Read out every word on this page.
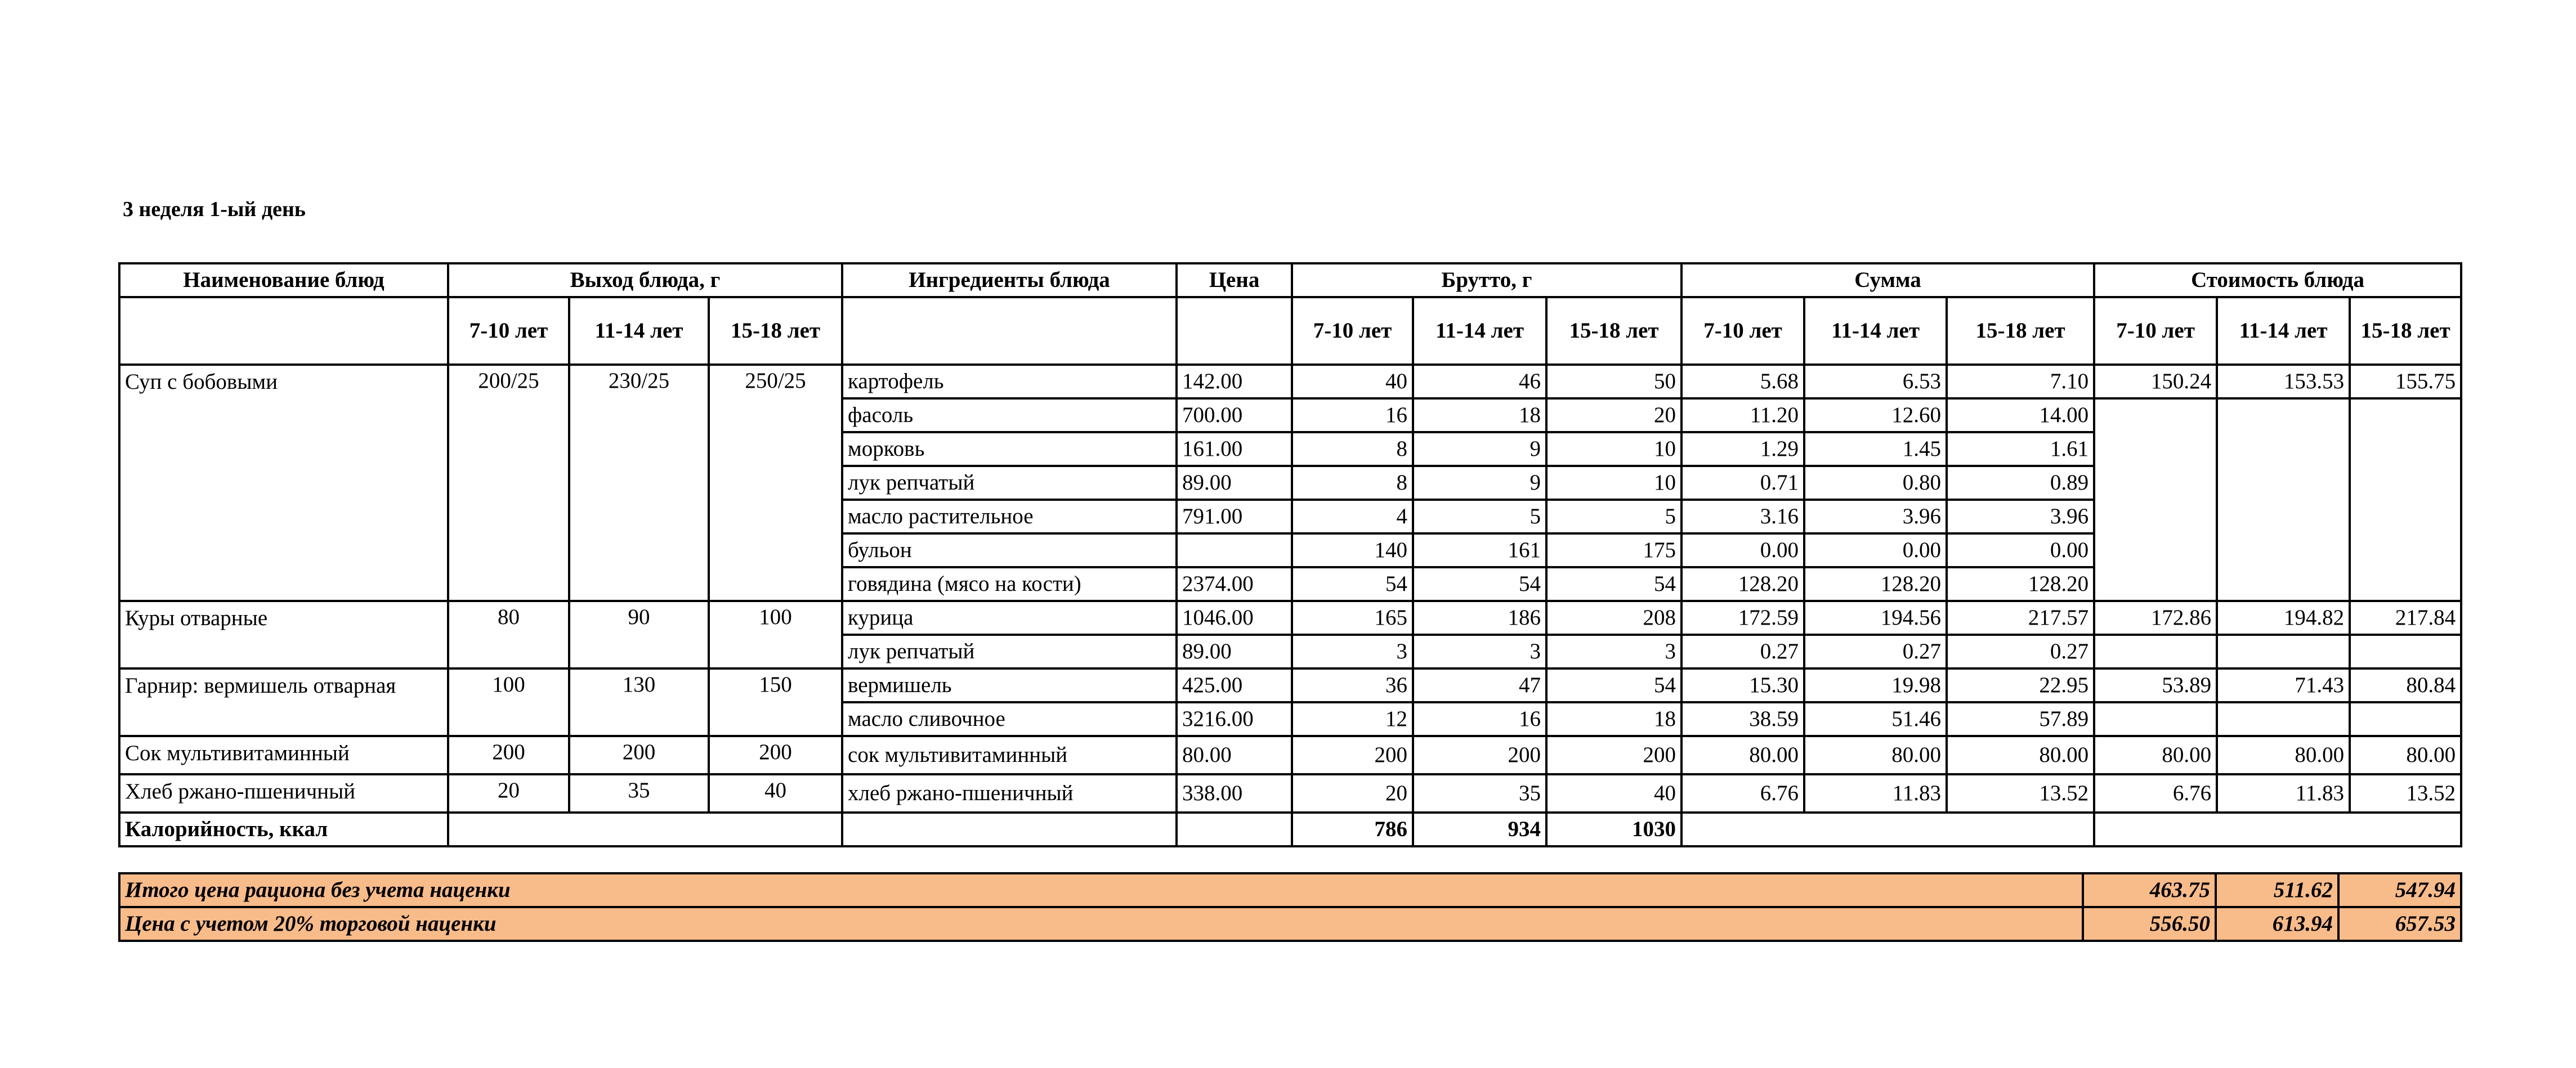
3 неделя 1-ый день
Наименование блюд	Выход блюда, г			Ингредиенты блюда	Цена	Брутто, г			Сумма			Стоимость блюда		
	7-10 лет	11-14 лет	15-18 лет			7-10 лет	11-14 лет	15-18 лет	7-10 лет	11-14 лет	15-18 лет	7-10 лет	11-14 лет	15-18 лет
Суп с бобовыми	200/25	230/25	250/25	картофель	142.00	40	46	50	5.68	6.53	7.10	150.24	153.53	155.75
				фасоль	700.00	16	18	20	11.20	12.60	14.00			
				морковь	161.00	8	9	10	1.29	1.45	1.61			
				лук репчатый	89.00	8	9	10	0.71	0.80	0.89			
				масло растительное	791.00	4	5	5	3.16	3.96	3.96			
				бульон		140	161	175	0.00	0.00	0.00			
				говядина (мясо на кости)	2374.00	54	54	54	128.20	128.20	128.20			
Куры отварные	80	90	100	курица	1046.00	165	186	208	172.59	194.56	217.57	172.86	194.82	217.84
				лук репчатый	89.00	3	3	3	0.27	0.27	0.27			
Гарнир: вермишель отварная	100	130	150	вермишель	425.00	36	47	54	15.30	19.98	22.95	53.89	71.43	80.84
				масло сливочное	3216.00	12	16	18	38.59	51.46	57.89			
Сок мультивитаминный	200	200	200	сок мультивитаминный	80.00	200	200	200	80.00	80.00	80.00	80.00	80.00	80.00
Хлеб ржано-пшеничный	20	35	40	хлеб ржано-пшеничный	338.00	20	35	40	6.76	11.83	13.52	6.76	11.83	13.52
Калорийность, ккал						786	934	1030						
Итого цена рациона без учета наценки	463.75	511.62	547.94
Цена с учетом 20% торговой наценки	556.50	613.94	657.53
